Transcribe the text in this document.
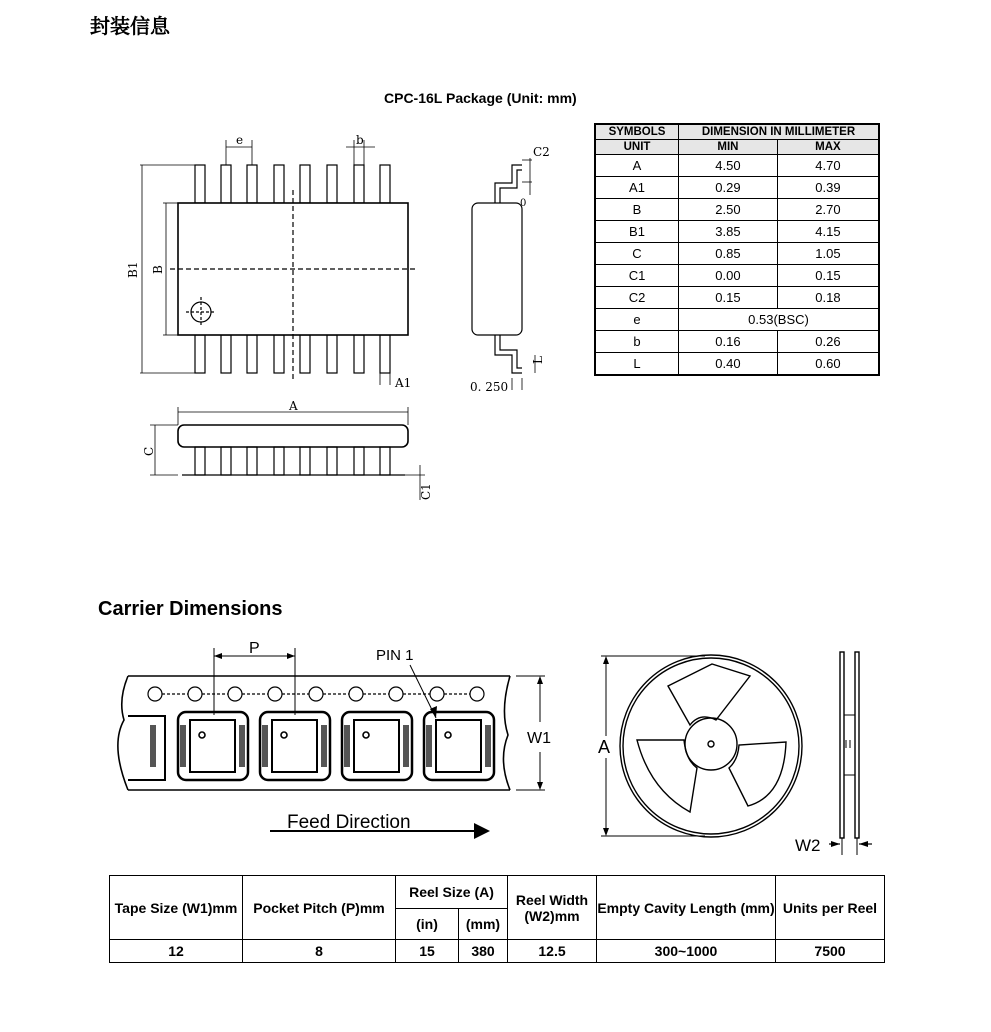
封装信息
CPC-16L Package (Unit: mm)
e	b
C2
B1 B
A1
0
L
0. 250
A
C
C1
SYMBOLS	DIMENSION IN MILLIMETER	
UNIT	MIN	MAX
A	4.50	4.70
A1	0.29	0.39
B	2.50	2.70
B1	3.85	4.15
C	0.85	1.05
C1	0.00	0.15
C2	0.15	0.18
e	0.53(BSC)	
b	0.16	0.26
L	0.40	0.60
Carrier Dimensions
P	PIN 1
W1
Feed Direction
A
W2
Tape Size (W1)mm	Pocket Pitch (P)mm	Reel Size (A)		Reel Width (W2)mm	Empty Cavity Length (mm)	Units per Reel
		(in)	(mm)			
12	8	15	380	12.5	300~1000	7500
